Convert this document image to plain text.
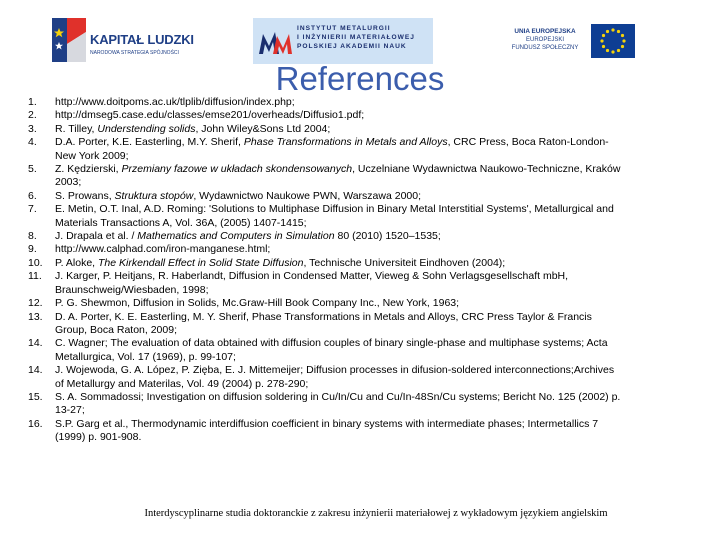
KAPITAŁ LUDZKI
NARODOWA STRATEGIA SPÓJNOŚCI
INSTYTUT METALURGII
I INŻYNIERII MATERIAŁOWEJ
POLSKIEJ AKADEMII NAUK
UNIA EUROPEJSKA
EUROPEJSKI
FUNDUSZ SPOŁECZNY
References
1. http://www.doitpoms.ac.uk/tlplib/diffusion/index.php;
2. http://dmseg5.case.edu/classes/emse201/overheads/Diffusio1.pdf;
3. R. Tilley, Understending solids, John Wiley&Sons Ltd 2004;
4. D.A. Porter, K.E. Easterling, M.Y. Sherif, Phase Transformations in Metals and Alloys, CRC Press, Boca Raton-London-
New York 2009;
5. Z. Kędzierski, Przemiany fazowe w układach skondensowanych, Uczelniane Wydawnictwa Naukowo-Techniczne, Kraków
2003;
6. S. Prowans, Struktura stopów, Wydawnictwo Naukowe PWN, Warszawa 2000;
7. E. Metin, O.T. Inal, A.D. Roming: 'Solutions to Multiphase Diffusion in Binary Metal Interstitial Systems', Metallurgical and
Materials Transactions A, Vol. 36A, (2005) 1407-1415;
8. J. Drapala et al. / Mathematics and Computers in Simulation 80 (2010) 1520–1535;
9. http://www.calphad.com/iron-manganese.html;
10. P. Aloke, The Kirkendall Effect in Solid State Diffusion, Technische Universiteit Eindhoven (2004);
11. J. Karger, P. Heitjans, R. Haberlandt, Diffusion in Condensed Matter, Vieweg & Sohn Verlagsgesellschaft mbH,
Braunschweig/Wiesbaden, 1998;
12. P. G. Shewmon, Diffusion in Solids, Mc.Graw-Hill Book Company Inc., New York, 1963;
13. D. A. Porter, K. E. Easterling, M. Y. Sherif, Phase Transformations in Metals and Alloys, CRC Press Taylor & Francis
Group, Boca Raton, 2009;
14. C. Wagner; The evaluation of data obtained with diffusion couples of binary single-phase and multiphase systems; Acta
Metallurgica, Vol. 17 (1969), p. 99-107;
14. J. Wojewoda, G. A. López, P. Zięba, E. J. Mittemeijer; Diffusion processes in difusion-soldered interconnections;Archives
of Metallurgy and Materilas, Vol. 49 (2004) p. 278-290;
15. S. A. Sommadossi; Investigation on diffusion soldering in Cu/In/Cu and Cu/In-48Sn/Cu systems; Bericht No. 125 (2002) p.
13-27;
16. S.P. Garg et al., Thermodynamic interdiffusion coefficient in binary systems with intermediate phases; Intermetallics 7
(1999) p. 901-908.
Interdyscyplinarne studia doktoranckie z zakresu inżynierii materiałowej z wykładowym językiem angielskim
